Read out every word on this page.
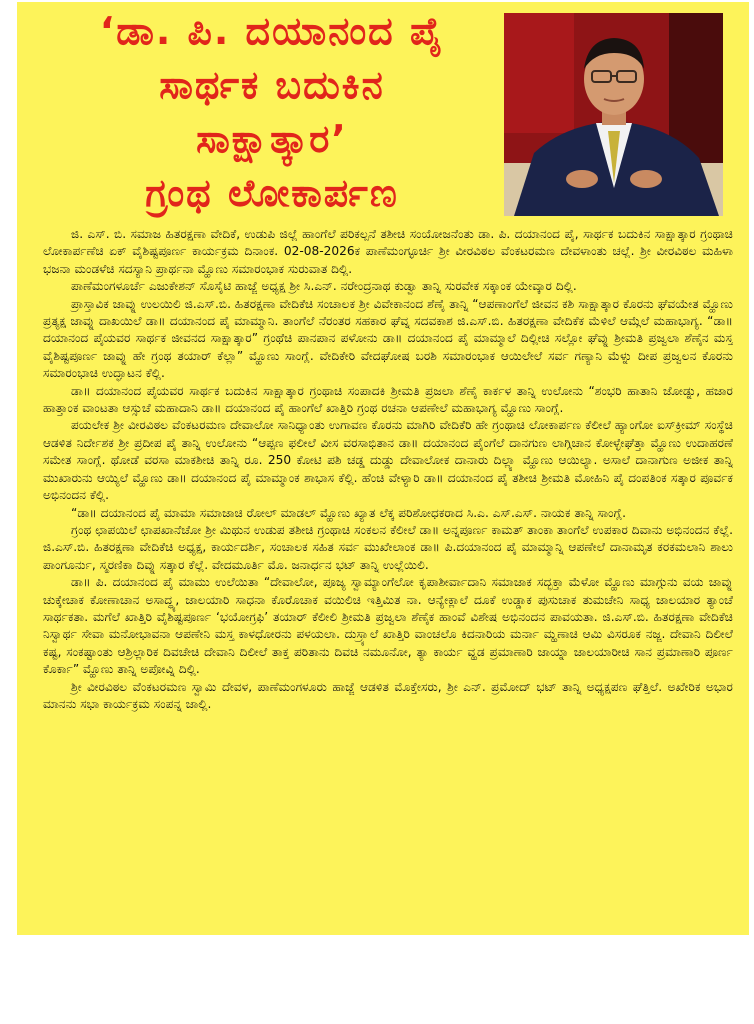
‘ಡಾ. ಪಿ. ದಯಾನಂದ ಪೈ
ಸಾರ್ಥಕ ಬದುಕಿನ
ಸಾಕ್ಷಾತ್ಕಾರ’
ಗ್ರಂಥ ಲೋಕಾರ್ಪಣ

ಜಿ. ಎಸ್. ಬಿ. ಸಮಾಜ ಹಿತರಕ್ಷಣಾ ವೇದಿಕೆ, ಉಡುಪಿ ಜಿಲ್ಲೆ ಹಾಂಗೆಲೆ ಪರಿಕಲ್ಪನೆ ತಶೀಚಿ ಸಂಯೋಜನೆಂತು ಡಾ. ಪಿ. ದಯಾನಂದ ಪೈ, ಸಾರ್ಥಕ ಬದುಕಿನ ಸಾಕ್ಷಾತ್ಕಾರ ಗ್ರಂಥಾಚಿ ಲೋಕಾರ್ಪಣೆಚಿ ಏಕ್ ವೈಶಿಷ್ಟಪೂರ್ಣ ಕಾರ್ಯಕ್ರಮ ದಿನಾಂಕ. 02-08-2026ಕ ಪಾಣೆಮಂಗ್ಳೂರ್ಚಿ ಶ್ರೀ ವೀರವಿಠಲ ವೆಂಕಟರಮಣ ದೇವಳಾಂತು ಚಲ್ಲೆ. ಶ್ರೀ ವೀರವಿಠಲ ಮಹಿಳಾ ಭಜನಾ ಮಂಡಳೆಚಿ ಸದಸ್ಯಾನಿ ಪ್ರಾರ್ಥನಾ ಮ್ಹೊಣು ಸಮಾರಂಭಾಕ ಸುರುವಾತ ದಿಲ್ಲಿ.

ಪಾಣೆಮಂಗಳೂರ್ಚೆ ಎಜುಕೇಶನ್ ಸೊಸೈಟಿ ಹಾಜ್ಜೆ ಅಧ್ಯಕ್ಷ ಶ್ರೀ ಸಿ.ಎನ್. ನರೇಂದ್ರನಾಥ ಕುಡ್ವಾ ತಾನ್ನಿ ಸುರವೇಕ ಸಕ್ಕಾಂಕ ಯೇವ್ಕಾರ ದಿಲ್ಲಿ.

ಪ್ರಾಸ್ತಾವಿಕ ಜಾವ್ನು ಉಲಯಿಲಿ ಜಿ.ಎಸ್.ಬಿ. ಹಿತರಕ್ಷಣಾ ವೇದಿಕೆಚಿ ಸಂಚಾಲಕ ಶ್ರೀ ವಿವೇಕಾನಂದ ಶೆಣೈ ತಾನ್ನಿ “ಆಪಣಾಂಗೆಲೆ ಜೀವನ ಕಶಿ ಸಾಕ್ಷಾತ್ಕಾರ ಕೊರನು ಘೆವಯೇತ ಮ್ಹೊಣು ಪ್ರತ್ಯಕ್ಷ ಜಾವ್ನು ದಾಖಯಿಲೆ ಡಾ॥ ದಯಾನಂದ ಪೈ ಮಾಮ್ಮಾನಿ. ತಾಂಗೆಲೆ ನೆರಂತರ ಸಹಕಾರ ಘೆವ್ನ ಸದವಕಾಶ ಜಿ.ಎಸ್.ಬಿ. ಹಿತರಕ್ಷಣಾ ವೇದಿಕೆಕ ಮೆಳಿಲೆ ಆಮ್ಗೆಲೆ ಮಹಾಭಾಗ್ಯ. “ಡಾ॥ ದಯಾನಂದ ಪೈಯವರ ಸಾರ್ಥಕ ಜೀವನದ ಸಾಕ್ಷಾತ್ಕಾರ” ಗ್ರಂಥೆಚಿ ಪಾನಪಾನ ಪಳೋನು ಡಾ॥ ದಯಾನಂದ ಪೈ ಮಾಮ್ಮಾಲೆ ದಿಲ್ಲೀಚಿ ಸಲ್ಲೋ ಘೆವ್ನು ಶ್ರೀಮತಿ ಪ್ರಜ್ವಲಾ ಶೆಣೈನ ಮಸ್ತ ವೈಶಿಷ್ಟಪೂರ್ಣ ಜಾವ್ನು ಹೇ ಗ್ರಂಥ ತಯಾರ್ ಕೆಲ್ಲಾ” ಮ್ಹೊಣು ಸಾಂಗ್ಲೆ. ವೇದಿಕೇರಿ ವೇದಘೋಷ ಬರಶಿ ಸಮಾರಂಭಾಕ ಆಯಿಲೇಲೆ ಸರ್ವ ಗಣ್ಯಾನಿ ಮೆಳ್ನು ದೀಪ ಪ್ರಜ್ವಲನ ಕೊರನು ಸಮಾರಂಭಾಚಿ ಉದ್ಘಾಟನ ಕೆಲ್ಲಿ.

ಡಾ॥ ದಯಾನಂದ ಪೈಯವರ ಸಾರ್ಥಕ ಬದುಕಿನ ಸಾಕ್ಷಾತ್ಕಾರ ಗ್ರಂಥಾಚಿ ಸಂಪಾದಕಿ ಶ್ರೀಮತಿ ಪ್ರಜಲಾ ಶೆಣೈ ಕಾರ್ಕಳ ತಾನ್ನಿ ಉಲೋನು “ಶಂಭರಿ ಹಾತಾನಿ ಜೋಡ್ನು, ಹಜಾರ ಹಾತ್ತಾಂಕ ವಾಂಟತಾ ಆಸ್ಸುಚೆ ಮಹಾದಾನಿ ಡಾ॥ ದಯಾನಂದ ಪೈ ಹಾಂಗೆಲೆ ಖಾತ್ತಿರಿ ಗ್ರಂಥ ರಚನಾ ಆಪಣೇಲೆ ಮಹಾಭಾಗ್ಯ ಮ್ಹೊಣು ಸಾಂಗ್ಲೆ.

ಪಯಲೇಕ ಶ್ರೀ ವೀರವಿಠಲ ವೆಂಕಟರಮಣ ದೇವಾಲೋ ಸಾನಿಧ್ಯಾಂತು ಉಗಾವಣ ಕೊರನು ಮಾಗಿರಿ ವೇದಿಕೆರಿ ಹೇ ಗ್ರಂಥಾಚಿ ಲೋಕಾರ್ಪಣ ಕೆಲೀಲೆ ಹ್ಯಾಂಗೋ ಐಸ್‌ಕ್ರೀಮ್ ಸಂಸ್ಥೆಚಿ ಆಡಳಿತ ನಿರ್ದೇಶಕ ಶ್ರೀ ಪ್ರದೀಪ ಪೈ ತಾನ್ನಿ ಉಲೋನು “ಆಪ್ಪಣ ಫಲೀಲೆ ವೀಸ ವರಸಾಭಿತಾನ ಡಾ॥ ದಯಾನಂದ ಪೈಂಗೆಲೆ ದಾನಗುಣ ಲಾಗ್ಗಿಚಾನ ಕೋಳ್ಳೇಘೆತ್ತಾ ಮ್ಹೊಣು ಉದಾಹರಣೆ ಸಮೇತ ಸಾಂಗ್ಲೆ. ಥೋಡೆ ವರಸಾ ಮಾಕಶೀಚಿ ತಾನ್ನಿ ರೂ. 250 ಕೋಟಿ ಪಶಿ ಚಡ್ಡ ದುಡ್ಡು ದೇವಾಲೋಕ ದಾನಾರು ದಿಲ್ಲ್ಯಾ ಮ್ಹೊಣು ಆಯಿಲ್ಯಾ. ಅಸಾಲೆ ದಾನಾಗುಣ ಅಜೀಕ ತಾನ್ನಿ ಮುಖಾರುನು ಆಯ್ಯಿಲೆ ಮ್ಹೊಣು ಡಾ॥ ದಯಾನಂದ ಪೈ ಮಾಮ್ಮಾಂಕ ಶಾಭಾಸ ಕೆಲ್ಲಿ. ಹೆಂಚಿ ವೇಳ್ಯಾರಿ ಡಾ॥ ದಯಾನಂದ ಪೈ ತಶೀಚಿ ಶ್ರೀಮತಿ ಮೋಹಿನಿ ಪೈ ದಂಪತಿಂಕ ಸತ್ಕಾರ ಪೂರ್ವಕ ಅಭಿನಂದನ ಕೆಲ್ಲಿ.

“ಡಾ॥ ದಯಾನಂದ ಪೈ ಮಾಮಾ ಸಮಾಜಾಚಿ ರೋಲ್ ಮಾಡಲ್ ಮ್ಹೊಣು ಖ್ಯಾತ ಲೆಕ್ಕ ಪರಿಶೋಧಕರಾದ ಸಿ.ಎ. ಎಸ್.ಎಸ್. ನಾಯಕ ತಾನ್ನಿ ಸಾಂಗ್ಲೆ.

ಗ್ರಂಥ ಛಾಪಯಿಲೆ ಛಾಪಖಾನೆಚೋ ಶ್ರೀ ಮಿಥುನ ಉಡುಪ ತಶೀಚಿ ಗ್ರಂಥಾಚಿ ಸಂಕಲನ ಕೆಲೀಲೆ ಡಾ॥ ಅನ್ನಪೂರ್ಣ ಕಾಮತ್ ತಾಂಕಾ ತಾಂಗೆಲೆ ಉಪಕಾರ ದಿವಾನು ಅಭಿನಂದನ ಕೆಲ್ಲೆ. ಜಿ.ಎಸ್.ಬಿ. ಹಿತರಕ್ಷಣಾ ವೇದಿಕೆಚಿ ಅಧ್ಯಕ್ಷ, ಕಾರ್ಯದರ್ಶಿ, ಸಂಚಾಲಕ ಸಹಿತ ಸರ್ವ ಮುಖೇಲಾಂಕ ಡಾ॥ ಪಿ.ದಯಾನಂದ ಪೈ ಮಾಮ್ಮಾನ್ನಿ ಆಪಣೇಲೆ ದಾನಾಮೃತ ಕರಕಮಲಾನಿ ಶಾಲು ಪಾಂಗೂರ್ನು, ಸ್ಮರಣಿಕಾ ದಿವ್ನು ಸತ್ಕಾರ ಕೆಲ್ಲೆ. ವೇದಮೂರ್ತಿ ಮೊ. ಜನಾರ್ಧನ ಭಟ್ ತಾನ್ನಿ ಉಲ್ಲೆಯಿಲಿ.

ಡಾ॥ ಪಿ. ದಯಾನಂದ ಪೈ ಮಾಮು ಉಲೆಯಿತಾ “ದೇವಾಲೋ, ಪೂಜ್ಯ ಸ್ವಾಮ್ಯಾಂಗೆಲೋ ಕೃಪಾಶೀರ್ವಾದಾನಿ ಸಮಾಜಾಕ ಸದ್ಭಕ್ತಾ ಮೆಳೋ ಮ್ಹೊಣು ಮಾಗ್ಗುನು ವಯ ಜಾವ್ನು ಚುಕ್ಕೇಚಾಕ ಕೋಣಾಚಾನ ಅಸಾದ್ಧ್ಯ, ಜಾಲಯಾರಿ ಸಾಧನಾ ಕೊರೊಚಾಕ ವಯಿಲಿಚಿ ಇತ್ತಿಮಿತ ನಾ. ಆನ್ಯೇಕ್ಲಾಲೆ ದೂಕೆ ಉಡ್ಡಾಕ ಪುಸುಚಾಕ ತುಮಚೇನಿ ಸಾಧ್ಯ ಜಾಲಯಾರ ತ್ಯಾಂಚೆ ಸಾರ್ಥಕತಾ. ಮಗೆಲೆ ಖಾತ್ತಿರಿ ವೈಶಿಷ್ಟಪೂರ್ಣ ‘ಭಯೋಗ್ರಫಿ’ ತಯಾರ್ ಕೆಲೀಲಿ ಶ್ರೀಮತಿ ಪ್ರಜ್ವಲಾ ಶೆಣೈಕ ಹಾಂವೆ ವಿಶೇಷ ಅಭಿನಂದನ ಪಾವಯತಾ. ಜಿ.ಎಸ್.ಬಿ. ಹಿತರಕ್ಷಣಾ ವೇದಿಕೆಚಿ ನಿಸ್ವಾರ್ಥ ಸೇವಾ ಮನೋಭಾವನಾ ಆಪಣೇನಿ ಮಸ್ತ ಕಾಳಧೋರನು ಪಳಯಲಾ. ದುಸ್ರ್ಯಾಲೆ ಖಾತ್ತಿರಿ ವಾಂಚಲೊ ಕಿದನಾರಿಯ ಮರ್ನಾ ಮ್ಹಣಾಚಿ ಆಮಿ ವಿಸರೂಕ ನಜ್ಜ. ದೇವಾನಿ ದಿಲೀಲೆ ಕಷ್ಟ, ಸಂಕಷ್ಟಾಂತು ಆಶ್ರಿಲ್ಲಾರಿಕ ದಿವಚೇಚಿ ದೇವಾನಿ ದಿಲೀಲೆ ತಾಕ್ತ ಪರಿತಾನು ದಿವಚಿ ನಮೂನೋ, ತ್ಯಾ ಕಾರ್ಯ ವ್ಹಡ ಪ್ರಮಾಣಾರಿ ಜಾಯ್ನಾ ಜಾಲಯಾರೀಚಿ ಸಾನ ಪ್ರಮಾಣಾರಿ ಪೂರ್ಣ ಕೊರ್ಕಾ” ಮ್ಹೊಣು ತಾನ್ನಿ ಅಪೋವ್ನಿ ದಿಲ್ಲಿ.

ಶ್ರೀ ವೀರವಿಠಲ ವೆಂಕಟರಮಣ ಸ್ವಾಮಿ ದೇವಳ, ಪಾಣೆಮಂಗಳೂರು ಹಾಜ್ಜೆ ಆಡಳಿತ ಮೊಕ್ತೇಸರು, ಶ್ರೀ ಎನ್. ಪ್ರಮೋದ್ ಭಟ್ ತಾನ್ನಿ ಅಧ್ಯಕ್ಷಪಣ ಘೆತ್ತಿಲೆ. ಅಖೇರಿಕ ಅಭಾರ ಮಾನನು ಸಭಾ ಕಾರ್ಯಕ್ರಮ ಸಂಪನ್ನ ಜಾಲ್ಲಿ.
